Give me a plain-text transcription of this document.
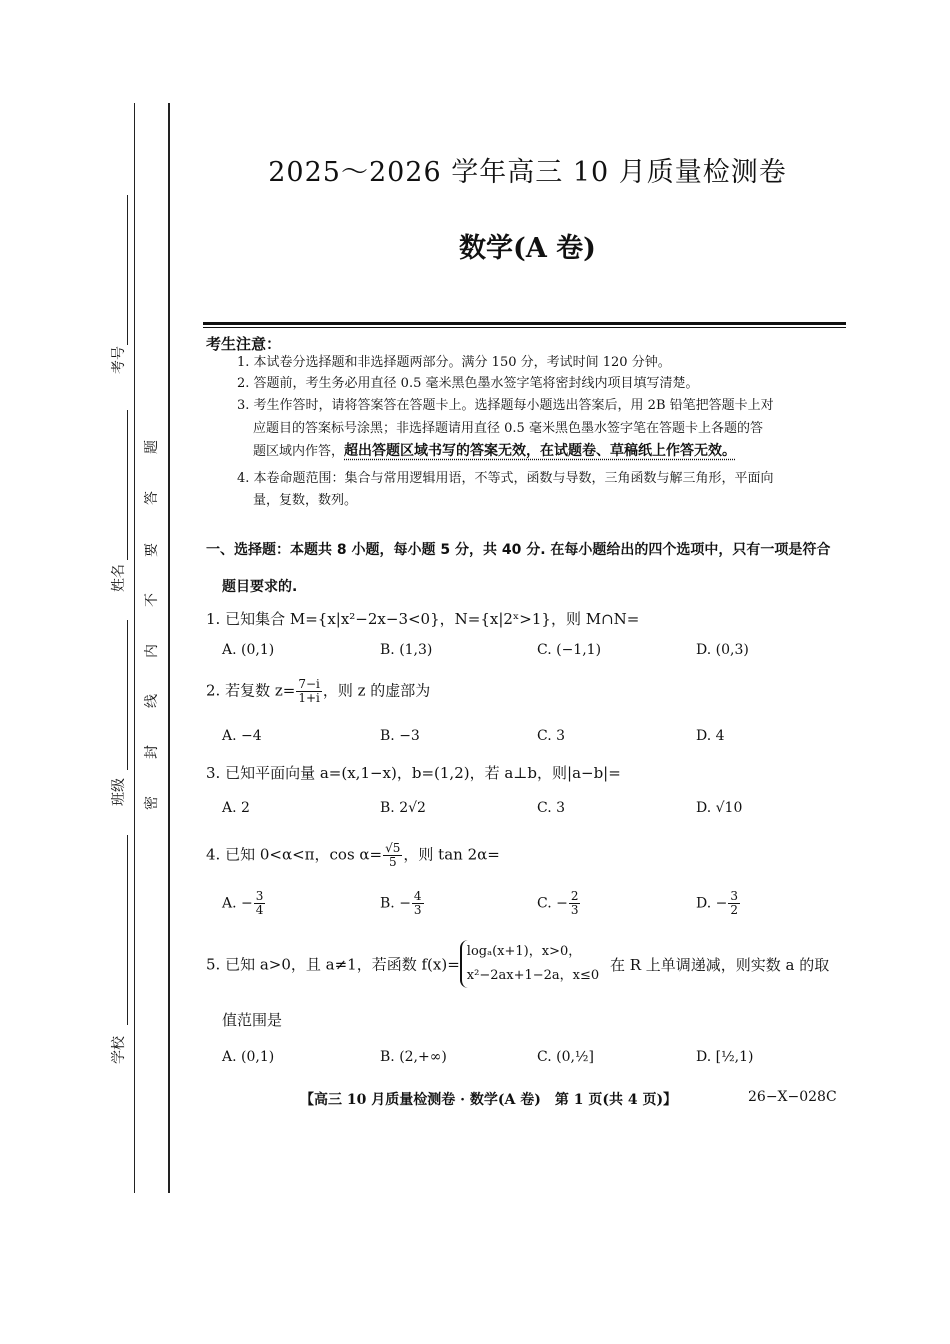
考号
姓名
班级
学校
题
答
要
不
内
线
封
密
2025～2026 学年高三 10 月质量检测卷
数学(A 卷)
考生注意：
1. 本试卷分选择题和非选择题两部分。满分 150 分，考试时间 120 分钟。
2. 答题前，考生务必用直径 0.5 毫米黑色墨水签字笔将密封线内项目填写清楚。
3. 考生作答时，请将答案答在答题卡上。选择题每小题选出答案后，用 2B 铅笔把答题卡上对
应题目的答案标号涂黑；非选择题请用直径 0.5 毫米黑色墨水签字笔在答题卡上各题的答
题区域内作答，超出答题区域书写的答案无效，在试题卷、草稿纸上作答无效。
4. 本卷命题范围：集合与常用逻辑用语，不等式，函数与导数，三角函数与解三角形，平面向
量，复数，数列。
一、选择题：本题共 8 小题，每小题 5 分，共 40 分. 在每小题给出的四个选项中，只有一项是符合
题目要求的.
1. 已知集合 M={x|x²−2x−3<0}，N={x|2ˣ>1}，则 M∩N=
A. (0,1)	B. (1,3)	C. (−1,1)	D. (0,3)
2. 若复数 $z= \frac{7-i}{1+i}$ ，则 z 的虚部为
A. −4	B. −3	C. 3	D. 4
3. 已知平面向量 a=(x,1−x)，b=(1,2)，若 a⊥b，则|a−b|=
A. 2	B. 2√2	C. 3	D. √10
4. 已知 0<α<π，$\cos \alpha= \frac{√5}{5}$ ，则 tan 2α=
A. − $\frac{3}{4}$	B. − $\frac{4}{3}$	C. − $\frac{2}{3}$	D. − $\frac{3}{2}$
5. 已知 a>0，且 a≠1，若函数 f(x)=
logₐ(x+1)，x>0，
x²−2ax+1−2a，x≤0
在 R 上单调递减，则实数 a 的取
值范围是
A. (0,1)	B. (2,+∞)	C. (0,½]	D. [½,1)
【高三 10 月质量检测卷 · 数学(A 卷)　第 1 页(共 4 页)】	26−X−028C
